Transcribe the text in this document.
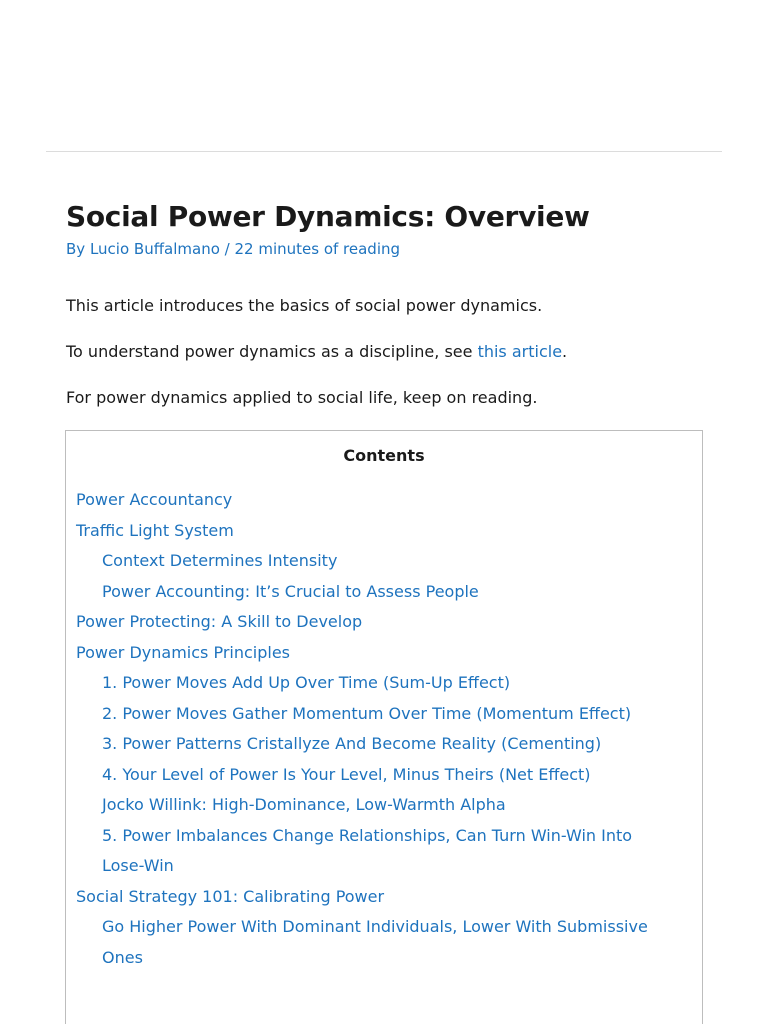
Social Power Dynamics: Overview
By Lucio Buffalmano / 22 minutes of reading

This article introduces the basics of social power dynamics.

To understand power dynamics as a discipline, see this article.

For power dynamics applied to social life, keep on reading.

Contents
Power Accountancy
Traffic Light System
Context Determines Intensity
Power Accounting: It’s Crucial to Assess People
Power Protecting: A Skill to Develop
Power Dynamics Principles
1. Power Moves Add Up Over Time (Sum-Up Effect)
2. Power Moves Gather Momentum Over Time (Momentum Effect)
3. Power Patterns Cristallyze And Become Reality (Cementing)
4. Your Level of Power Is Your Level, Minus Theirs (Net Effect)
Jocko Willink: High-Dominance, Low-Warmth Alpha
5. Power Imbalances Change Relationships, Can Turn Win-Win Into Lose-Win
Social Strategy 101: Calibrating Power
Go Higher Power With Dominant Individuals, Lower With Submissive Ones
